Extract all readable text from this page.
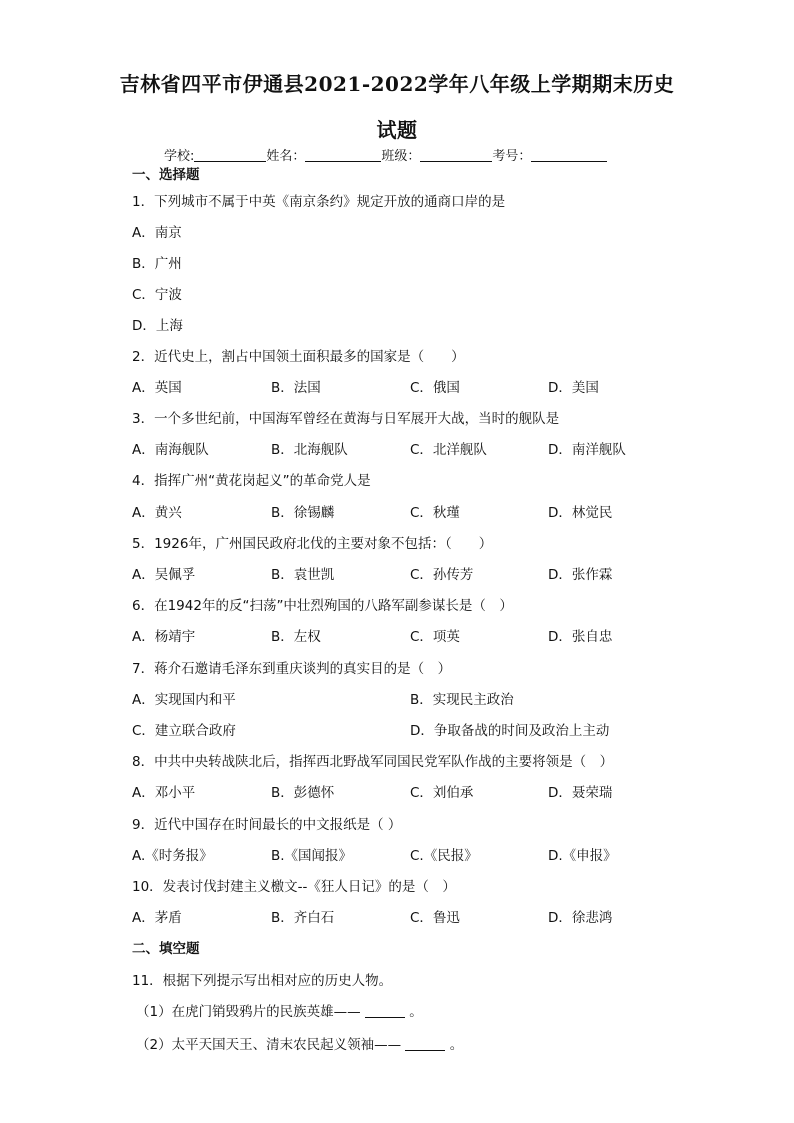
吉林省四平市伊通县2021-2022学年八年级上学期期末历史
试题
学校:	姓名：	班级：	考号：
一、选择题
1．下列城市不属于中英《南京条约》规定开放的通商口岸的是
A．南京
B．广州
C．宁波
D．上海
2．近代史上，割占中国领土面积最多的国家是（　　）
A．英国	B．法国	C．俄国	D．美国
3．一个多世纪前，中国海军曾经在黄海与日军展开大战，当时的舰队是
A．南海舰队	B．北海舰队	C．北洋舰队	D．南洋舰队
4．指挥广州“黄花岗起义”的革命党人是
A．黄兴	B．徐锡麟	C．秋瑾	D．林觉民
5．1926年，广州国民政府北伐的主要对象不包括：（　　）
A．吴佩孚	B．袁世凯	C．孙传芳	D．张作霖
6．在1942年的反“扫荡”中壮烈殉国的八路军副参谋长是（　）
A．杨靖宇	B．左权	C．项英	D．张自忠
7．蒋介石邀请毛泽东到重庆谈判的真实目的是（　）
A．实现国内和平	B．实现民主政治
C．建立联合政府	D．争取备战的时间及政治上主动
8．中共中央转战陕北后，指挥西北野战军同国民党军队作战的主要将领是（　）
A．邓小平	B．彭德怀	C．刘伯承	D．聂荣瑞
9．近代中国存在时间最长的中文报纸是（ ）
A.《时务报》	B.《国闻报》	C.《民报》	D.《申报》
10．发表讨伐封建主义檄文--《狂人日记》的是（　）
A．茅盾	B．齐白石	C．鲁迅	D．徐悲鸿
二、填空题
11．根据下列提示写出相对应的历史人物。
（1）在虎门销毁鸦片的民族英雄——	。
（2）太平天国天王、清末农民起义领袖——	。
